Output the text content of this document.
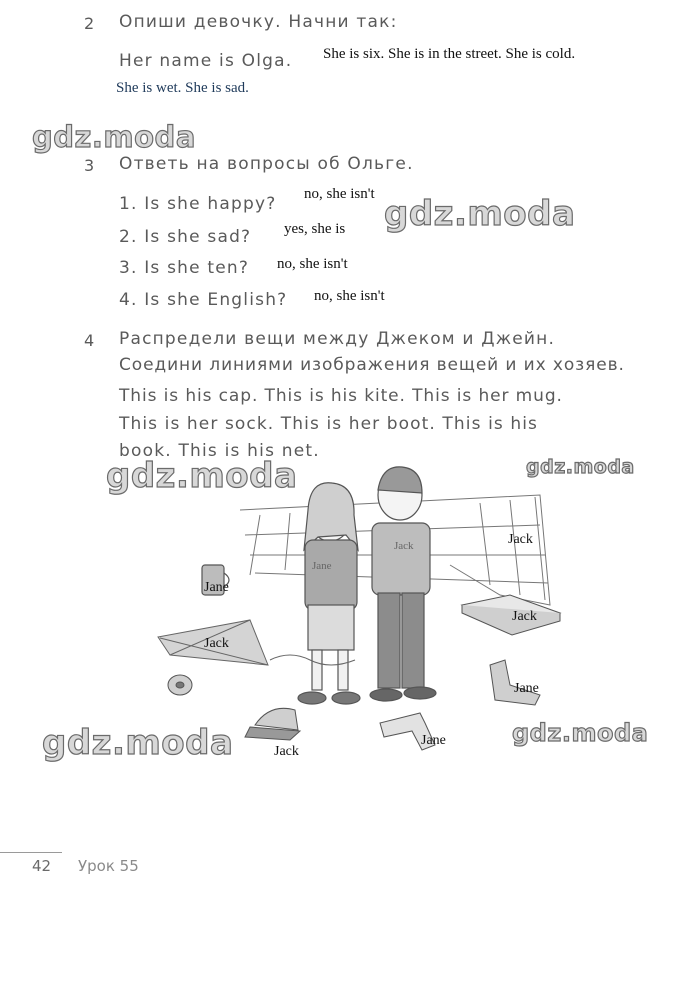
2 Опиши девочку. Начни так:
Her name is Olga. She is six. She is in the street. She is cold.
She is wet. She is sad.
gdz.moda
3 Ответь на вопросы об Ольге.
1. Is she happy? no, she isn't
2. Is she sad? yes, she is
3. Is she ten? no, she isn't
4. Is she English? no, she isn't
gdz.moda
4 Распредели вещи между Джеком и Джейн.
Соедини линиями изображения вещей и их хозяев.
This is his cap. This is his kite. This is her mug.
This is her sock. This is her boot. This is his
book. This is his net.
Jack
Jane
Jack
Jane
Jack
Jack
Jane
Jack
Jane
gdz.moda	gdz.moda
gdz.moda	gdz.moda
42 Урок 55
